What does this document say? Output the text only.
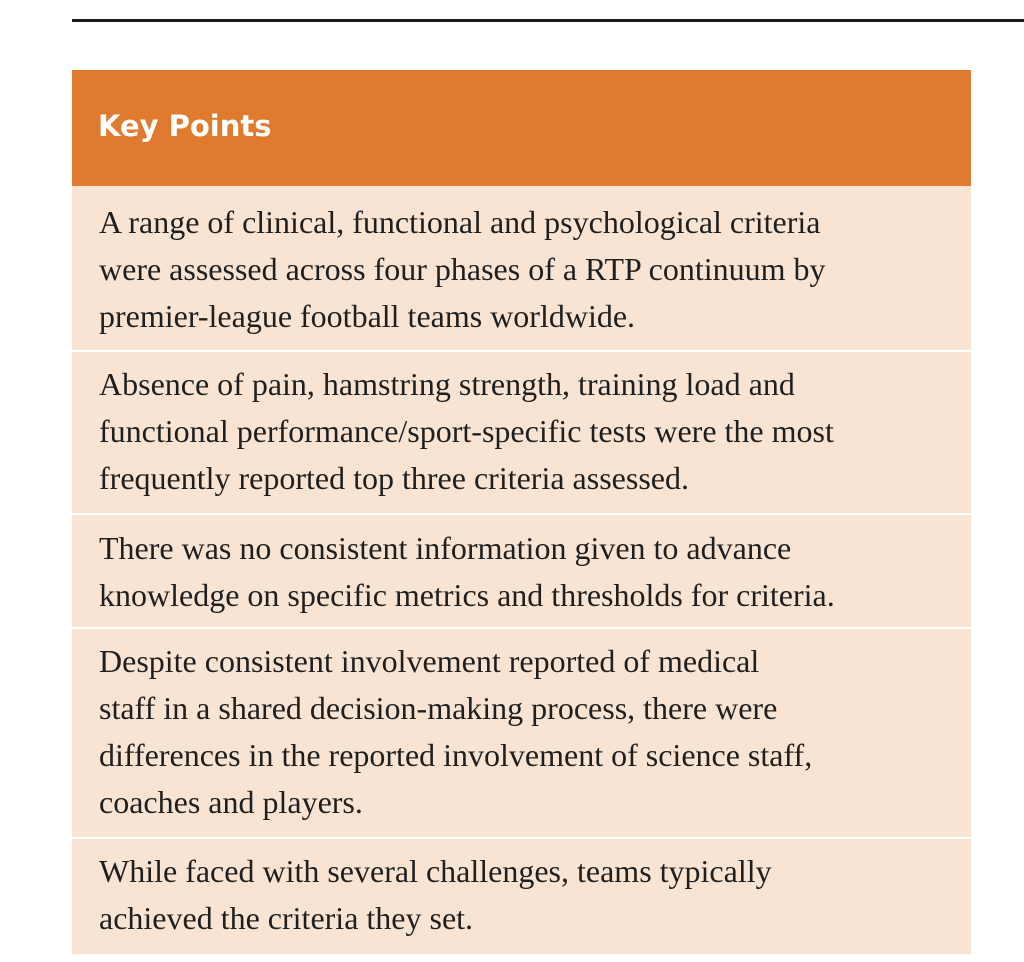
Key Points

A range of clinical, functional and psychological criteria
were assessed across four phases of a RTP continuum by
premier-league football teams worldwide.

Absence of pain, hamstring strength, training load and
functional performance/sport-specific tests were the most
frequently reported top three criteria assessed.

There was no consistent information given to advance
knowledge on specific metrics and thresholds for criteria.

Despite consistent involvement reported of medical
staff in a shared decision-making process, there were
differences in the reported involvement of science staff,
coaches and players.

While faced with several challenges, teams typically
achieved the criteria they set.
